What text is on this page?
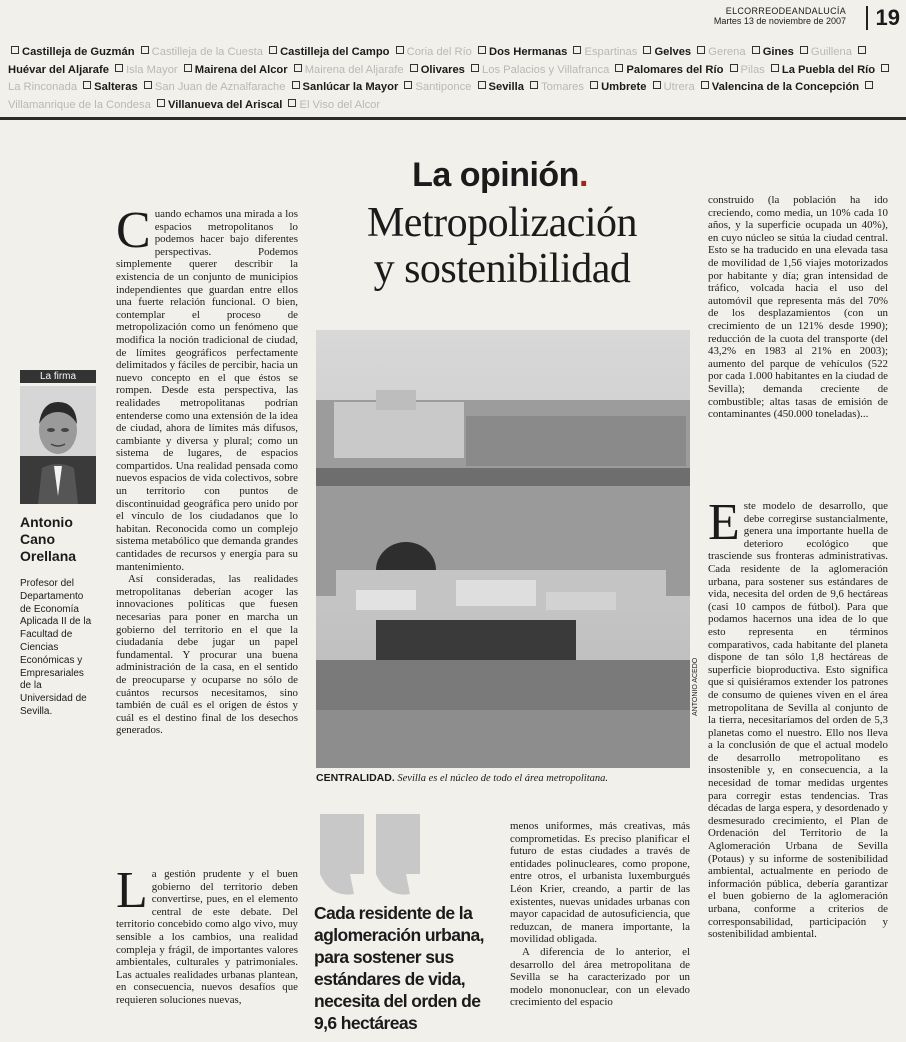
ELCORREODEANDALUCÍA
Martes 13 de noviembre de 2007	19
Castilleja de Guzmán Castilleja de la Cuesta Castilleja del Campo Coria del Río Dos Hermanas Espartinas Gelves Gerena Gines Guillena Huévar del Aljarafe Isla Mayor Mairena del Alcor Mairena del Aljarafe Olivares Los Palacios y Villafranca Palomares del Río Pilas La Puebla del Río La Rinconada Salteras San Juan de Aznalfarache Sanlúcar la Mayor Santiponce Sevilla Tomares Umbrete Utrera Valencina de la Concepción Villamanrique de la Condesa Villanueva del Ariscal El Viso del Alcor
La firma
Antonio
Cano
Orellana
Profesor del Departamento de Economía Aplicada II de la Facultad de Ciencias Económicas y Empresariales de la Universidad de Sevilla.
La opinión.
Metropolización
y sostenibilidad

Cuando echamos una mirada a los espacios metropolitanos lo podemos hacer bajo diferentes perspectivas. Podemos simplemente querer describir la existencia de un conjunto de municipios independientes que guardan entre ellos una fuerte relación funcional. O bien, contemplar el proceso de metropolización como un fenómeno que modifica la noción tradicional de ciudad, de límites geográficos perfectamente delimitados y fáciles de percibir, hacia un nuevo concepto en el que éstos se rompen. Desde esta perspectiva, las realidades metropolitanas podrían entenderse como una extensión de la idea de ciudad, ahora de límites más difusos, cambiante y diversa y plural; como un sistema de lugares, de espacios compartidos. Una realidad pensada como nuevos espacios de vida colectivos, sobre un territorio con puntos de discontinuidad geográfica pero unido por el vínculo de los ciudadanos que lo habitan. Reconocida como un complejo sistema metabólico que demanda grandes cantidades de recursos y energía para su mantenimiento.

Así consideradas, las realidades metropolitanas deberían acoger las innovaciones políticas que fuesen necesarias para poner en marcha un gobierno del territorio en el que la ciudadanía debe jugar un papel fundamental. Y procurar una buena administración de la casa, en el sentido de preocuparse y ocuparse no sólo de cuántos recursos necesitamos, sino también de cuál es el origen de éstos y cuál es el destino final de los desechos generados.

La gestión prudente y el buen gobierno del territorio deben convertirse, pues, en el elemento central de este debate. Del territorio concebido como algo vivo, muy sensible a los cambios, una realidad compleja y frágil, de importantes valores ambientales, culturales y patrimoniales. Las actuales realidades urbanas plantean, en consecuencia, nuevos desafíos que requieren soluciones nuevas,

ANTONIO ACEDO
CENTRALIDAD. Sevilla es el núcleo de todo el área metropolitana.
Cada residente de la aglomeración urbana, para sostener sus estándares de vida, necesita del orden de 9,6 hectáreas

menos uniformes, más creativas, más comprometidas. Es preciso planificar el futuro de estas ciudades a través de entidades polinucleares, como propone, entre otros, el urbanista luxemburgués Léon Krier, creando, a partir de las existentes, nuevas unidades urbanas con mayor capacidad de autosuficiencia, que reduzcan, de manera importante, la movilidad obligada.

A diferencia de lo anterior, el desarrollo del área metropolitana de Sevilla se ha caracterizado por un modelo mononuclear, con un elevado crecimiento del espacio

construido (la población ha ido creciendo, como media, un 10% cada 10 años, y la superficie ocupada un 40%), en cuyo núcleo se sitúa la ciudad central. Esto se ha traducido en una elevada tasa de movilidad de 1,56 viajes motorizados por habitante y día; gran intensidad de tráfico, volcada hacia el uso del automóvil que representa más del 70% de los desplazamientos (con un crecimiento de un 121% desde 1990); reducción de la cuota del transporte (del 43,2% en 1983 al 21% en 2003); aumento del parque de vehículos (522 por cada 1.000 habitantes en la ciudad de Sevilla); demanda creciente de combustible; altas tasas de emisión de contaminantes (450.000 toneladas)...

Este modelo de desarrollo, que debe corregirse sustancialmente, genera una importante huella de deterioro ecológico que trasciende sus fronteras administrativas. Cada residente de la aglomeración urbana, para sostener sus estándares de vida, necesita del orden de 9,6 hectáreas (casi 10 campos de fútbol). Para que podamos hacernos una idea de lo que esto representa en términos comparativos, cada habitante del planeta dispone de tan sólo 1,8 hectáreas de superficie bioproductiva. Esto significa que si quisiéramos extender los patrones de consumo de quienes viven en el área metropolitana de Sevilla al conjunto de la tierra, necesitaríamos del orden de 5,3 planetas como el nuestro. Ello nos lleva a la conclusión de que el actual modelo de desarrollo metropolitano es insostenible y, en consecuencia, a la necesidad de tomar medidas urgentes para corregir estas tendencias. Tras décadas de larga espera, y desordenado y desmesurado crecimiento, el Plan de Ordenación del Territorio de la Aglomeración Urbana de Sevilla (Potaus) y su informe de sostenibilidad ambiental, actualmente en periodo de información pública, debería garantizar el buen gobierno de la aglomeración urbana, conforme a criterios de corresponsabilidad, participación y sostenibilidad ambiental.
